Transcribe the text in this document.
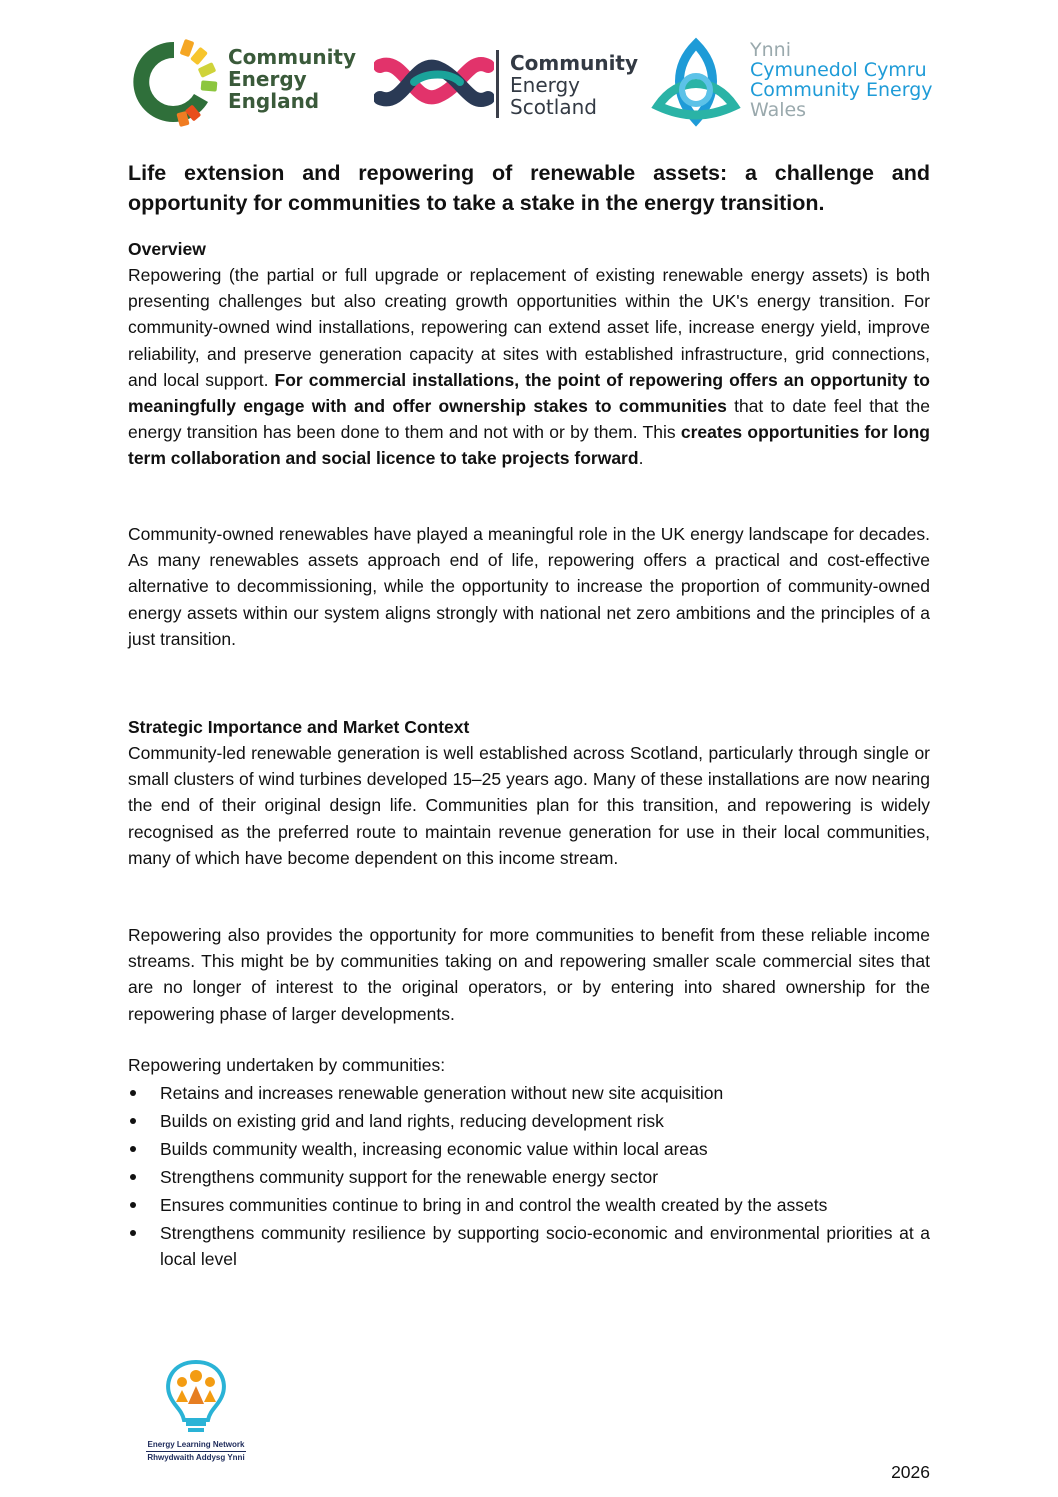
Community
Energy
England
Community
Energy
Scotland
Ynni
Cymunedol Cymru
Community Energy
Wales
Life extension and repowering of renewable assets: a challenge and opportunity for communities to take a stake in the energy transition.
Overview

Repowering (the partial or full upgrade or replacement of existing renewable energy assets) is both presenting challenges but also creating growth opportunities within the UK's energy transition. For community-owned wind installations, repowering can extend asset life, increase energy yield, improve reliability, and preserve generation capacity at sites with established infrastructure, grid connections, and local support. For commercial installations, the point of repowering offers an opportunity to meaningfully engage with and offer ownership stakes to communities that to date feel that the energy transition has been done to them and not with or by them. This creates opportunities for long term collaboration and social licence to take projects forward.

Community-owned renewables have played a meaningful role in the UK energy landscape for decades. As many renewables assets approach end of life, repowering offers a practical and cost-effective alternative to decommissioning, while the opportunity to increase the proportion of community-owned energy assets within our system aligns strongly with national net zero ambitions and the principles of a just transition.

Strategic Importance and Market Context

Community-led renewable generation is well established across Scotland, particularly through single or small clusters of wind turbines developed 15–25 years ago. Many of these installations are now nearing the end of their original design life. Communities plan for this transition, and repowering is widely recognised as the preferred route to maintain revenue generation for use in their local communities, many of which have become dependent on this income stream.

Repowering also provides the opportunity for more communities to benefit from these reliable income streams. This might be by communities taking on and repowering smaller scale commercial sites that are no longer of interest to the original operators, or by entering into shared ownership for the repowering phase of larger developments.

Repowering undertaken by communities:

Retains and increases renewable generation without new site acquisition
Builds on existing grid and land rights, reducing development risk
Builds community wealth, increasing economic value within local areas
Strengthens community support for the renewable energy sector
Ensures communities continue to bring in and control the wealth created by the assets
Strengthens community resilience by supporting socio-economic and environmental priorities at a local level
Energy Learning Network
Rhwydwaith Addysg Ynni
2026
